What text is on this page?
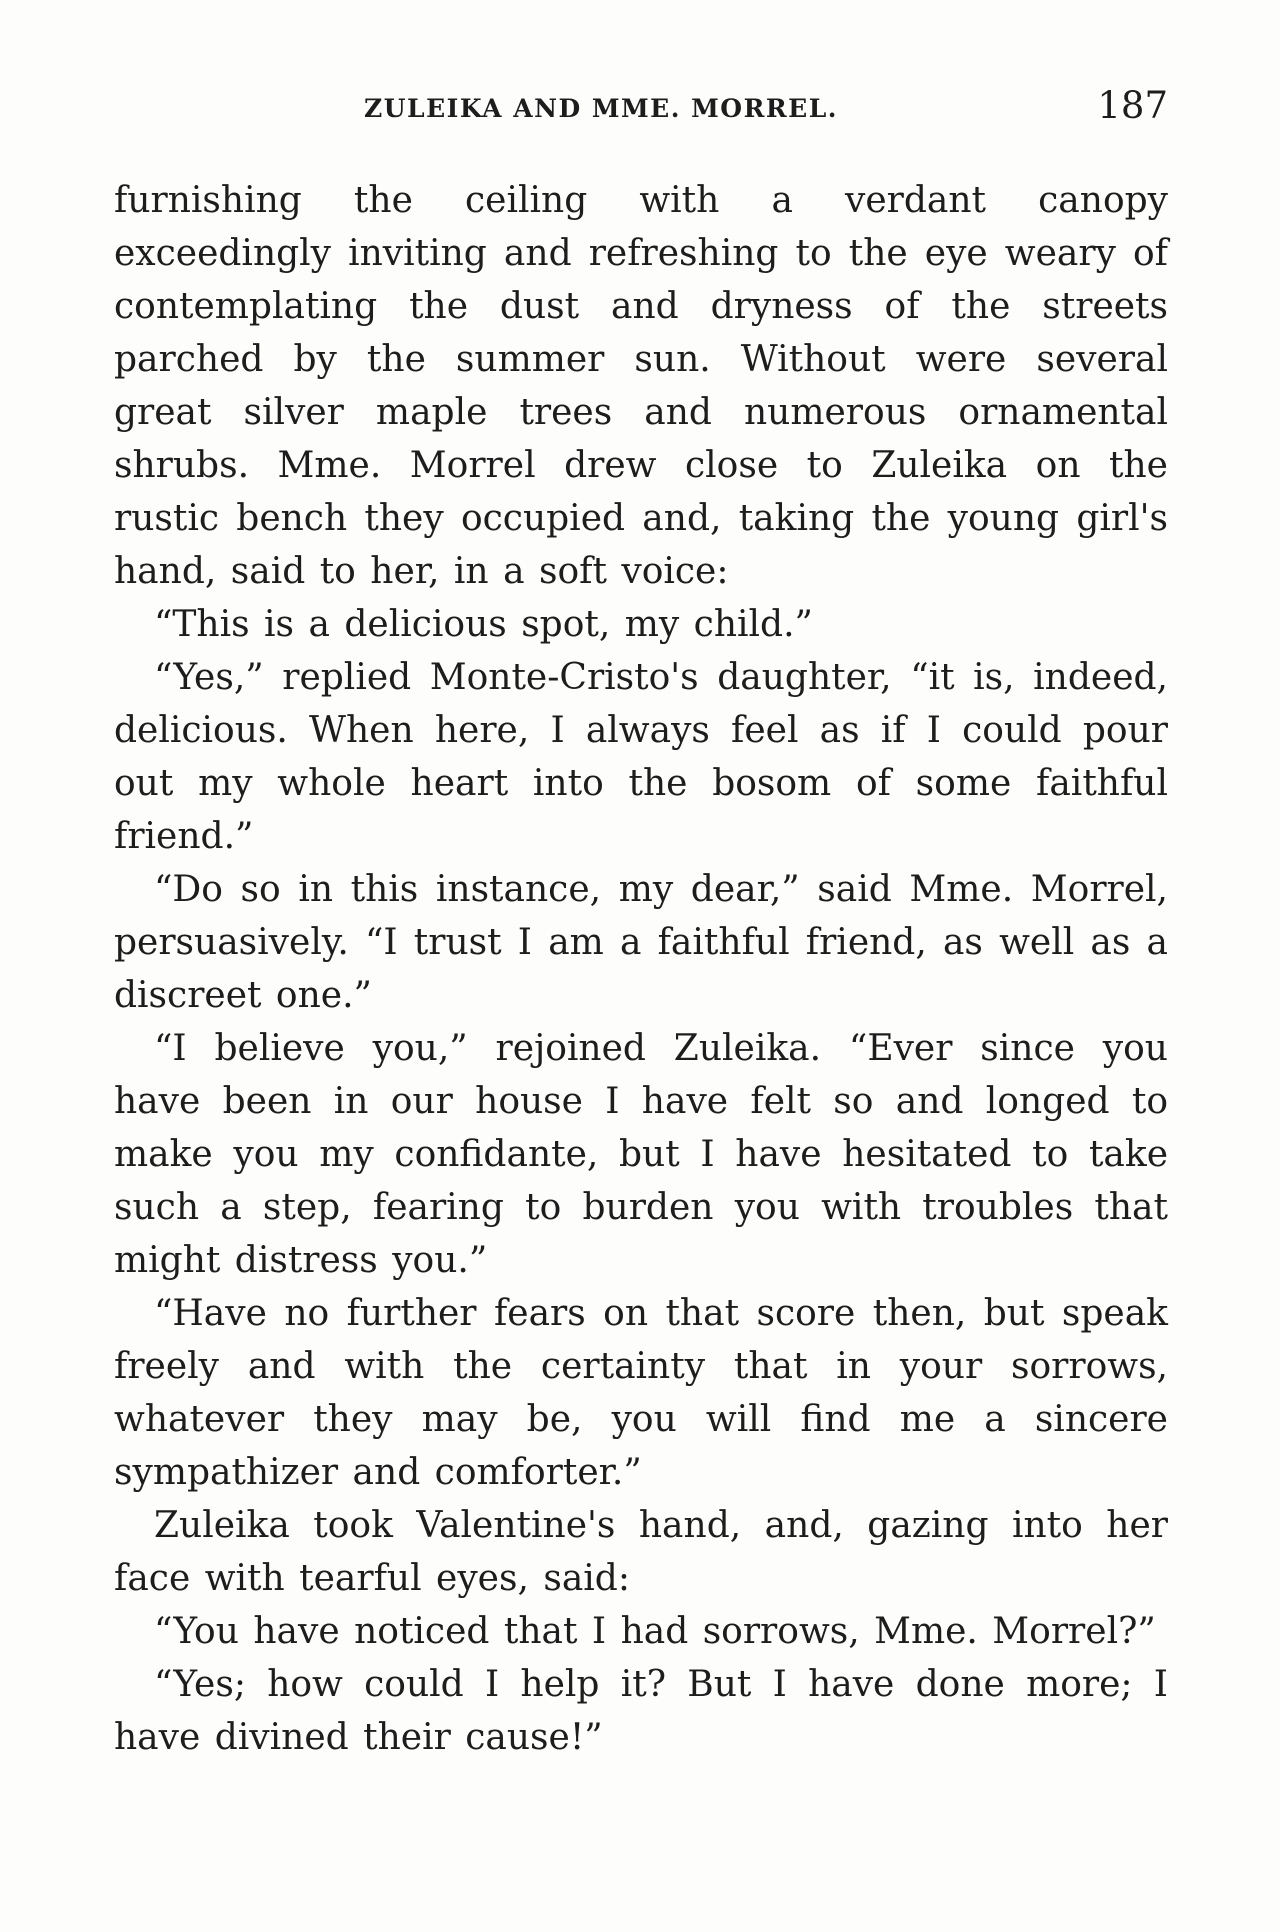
ZULEIKA AND MME. MORREL.	187

furnishing the ceiling with a verdant canopy exceedingly inviting and refreshing to the eye weary of contemplating the dust and dryness of the streets parched by the summer sun. Without were several great silver maple trees and numerous ornamental shrubs. Mme. Morrel drew close to Zuleika on the rustic bench they occupied and, taking the young girl's hand, said to her, in a soft voice:

“This is a delicious spot, my child.”

“Yes,” replied Monte-Cristo's daughter, “it is, indeed, delicious. When here, I always feel as if I could pour out my whole heart into the bosom of some faithful friend.”

“Do so in this instance, my dear,” said Mme. Morrel, persuasively. “I trust I am a faithful friend, as well as a discreet one.”

“I believe you,” rejoined Zuleika. “Ever since you have been in our house I have felt so and longed to make you my confidante, but I have hesitated to take such a step, fearing to burden you with troubles that might distress you.”

“Have no further fears on that score then, but speak freely and with the certainty that in your sorrows, whatever they may be, you will find me a sincere sympathizer and comforter.”

Zuleika took Valentine's hand, and, gazing into her face with tearful eyes, said:

“You have noticed that I had sorrows, Mme. Morrel?”

“Yes; how could I help it? But I have done more; I have divined their cause!”
